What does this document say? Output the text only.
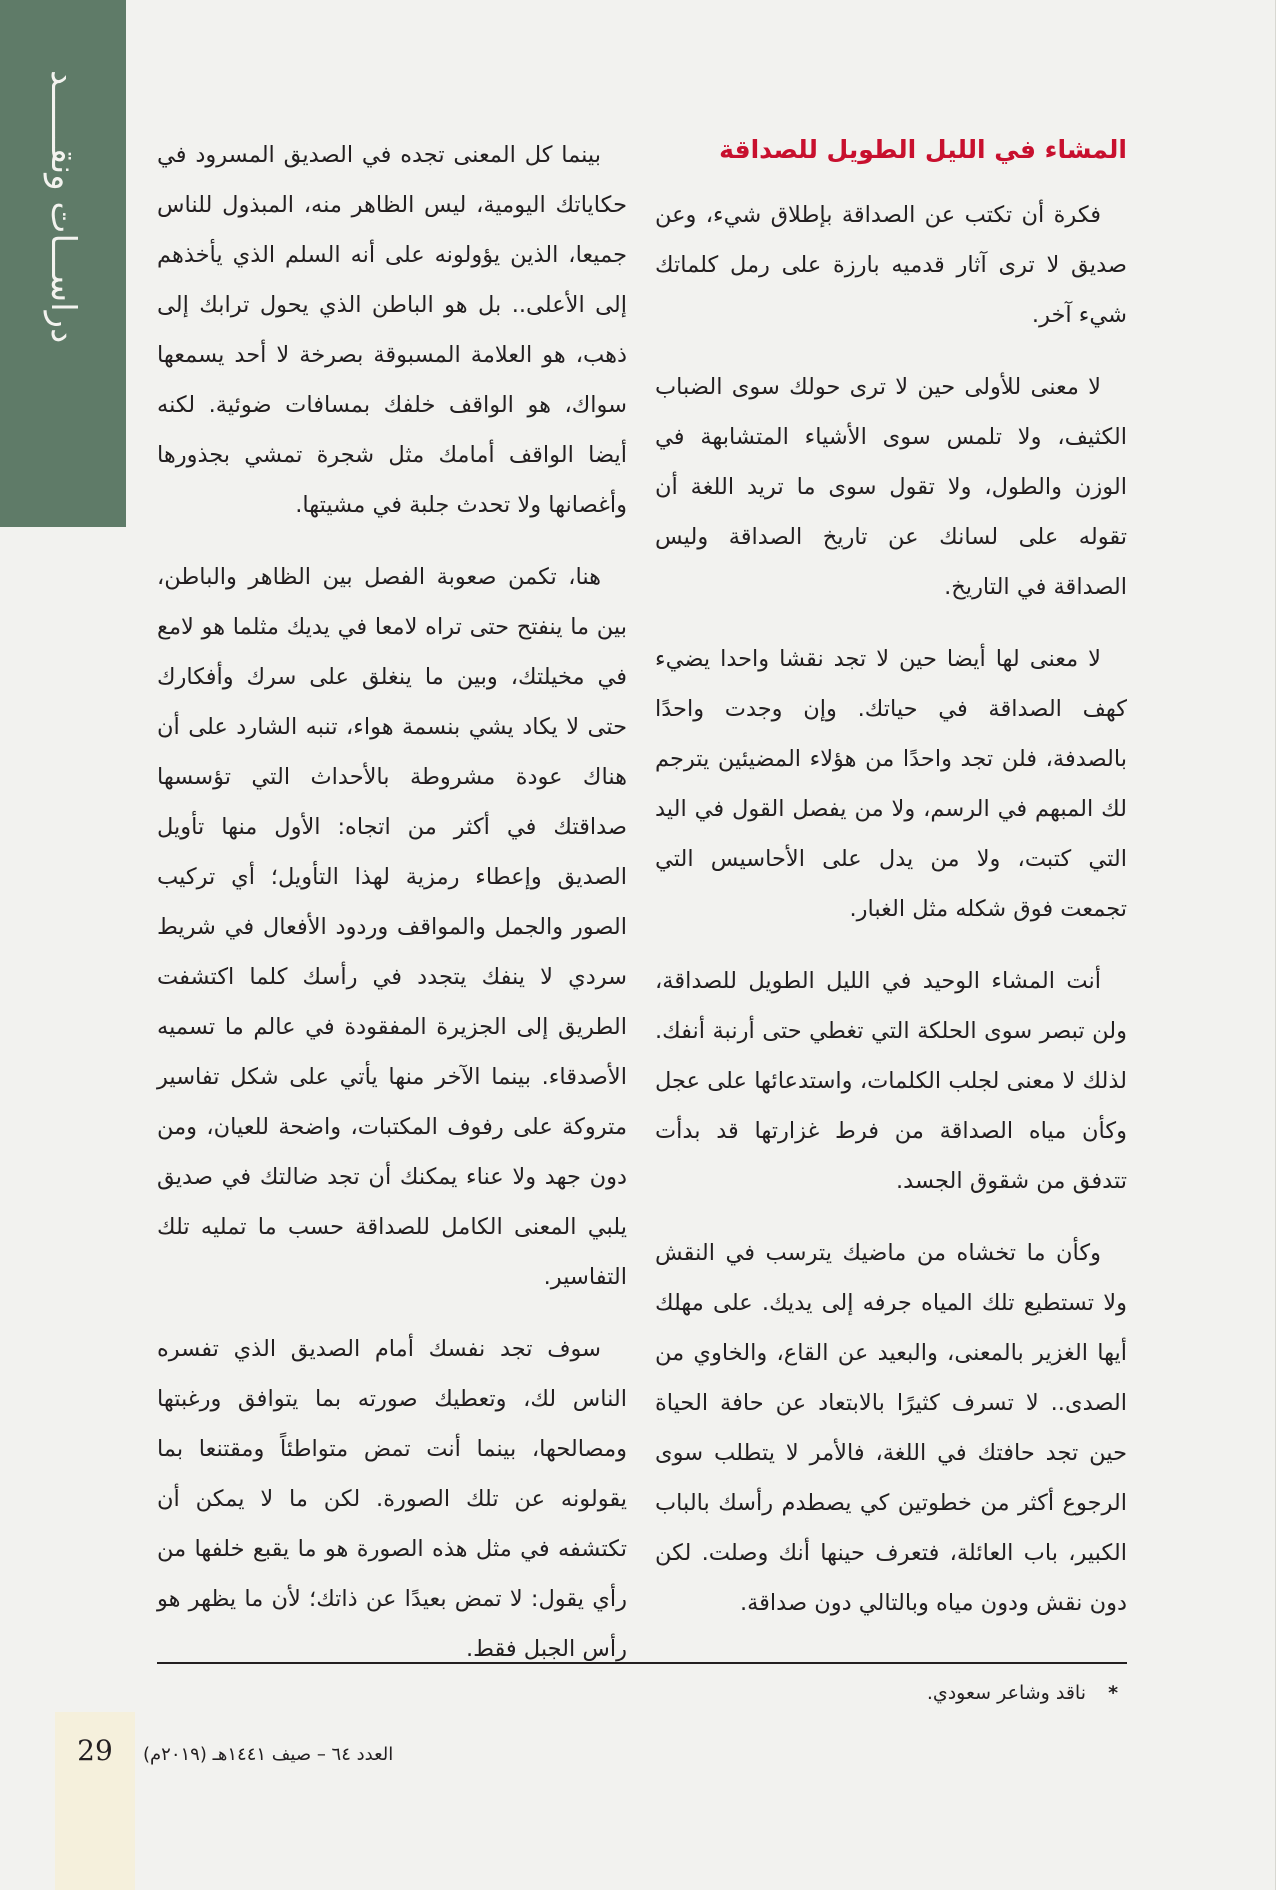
دراســـات ونقــــــد	المشاء في الليل الطويل للصداقة

فكرة أن تكتب عن الصداقة بإطلاق شيء، وعن صديق لا ترى آثار قدميه بارزة على رمل كلماتك شيء آخر.

لا معنى للأولى حين لا ترى حولك سوى الضباب الكثيف، ولا تلمس سوى الأشياء المتشابهة في الوزن والطول، ولا تقول سوى ما تريد اللغة أن تقوله على لسانك عن تاريخ الصداقة وليس الصداقة في التاريخ.

لا معنى لها أيضا حين لا تجد نقشا واحدا يضيء كهف الصداقة في حياتك. وإن وجدت واحدًا بالصدفة، فلن تجد واحدًا من هؤلاء المضيئين يترجم لك المبهم في الرسم، ولا من يفصل القول في اليد التي كتبت، ولا من يدل على الأحاسيس التي تجمعت فوق شكله مثل الغبار.

أنت المشاء الوحيد في الليل الطويل للصداقة، ولن تبصر سوى الحلكة التي تغطي حتى أرنبة أنفك. لذلك لا معنى لجلب الكلمات، واستدعائها على عجل وكأن مياه الصداقة من فرط غزارتها قد بدأت تتدفق من شقوق الجسد.

وكأن ما تخشاه من ماضيك يترسب في النقش ولا تستطيع تلك المياه جرفه إلى يديك. على مهلك أيها الغزير بالمعنى، والبعيد عن القاع، والخاوي من الصدى.. لا تسرف كثيرًا بالابتعاد عن حافة الحياة حين تجد حافتك في اللغة، فالأمر لا يتطلب سوى الرجوع أكثر من خطوتين كي يصطدم رأسك بالباب الكبير، باب العائلة، فتعرف حينها أنك وصلت. لكن دون نقش ودون مياه وبالتالي دون صداقة.

بينما كل المعنى تجده في الصديق المسرود في حكاياتك اليومية، ليس الظاهر منه، المبذول للناس جميعا، الذين يؤولونه على أنه السلم الذي يأخذهم إلى الأعلى.. بل هو الباطن الذي يحول ترابك إلى ذهب، هو العلامة المسبوقة بصرخة لا أحد يسمعها سواك، هو الواقف خلفك بمسافات ضوئية. لكنه أيضا الواقف أمامك مثل شجرة تمشي بجذورها وأغصانها ولا تحدث جلبة في مشيتها.

هنا، تكمن صعوبة الفصل بين الظاهر والباطن، بين ما ينفتح حتى تراه لامعا في يديك مثلما هو لامع في مخيلتك، وبين ما ينغلق على سرك وأفكارك حتى لا يكاد يشي بنسمة هواء، تنبه الشارد على أن هناك عودة مشروطة بالأحداث التي تؤسسها صداقتك في أكثر من اتجاه: الأول منها تأويل الصديق وإعطاء رمزية لهذا التأويل؛ أي تركيب الصور والجمل والمواقف وردود الأفعال في شريط سردي لا ينفك يتجدد في رأسك كلما اكتشفت الطريق إلى الجزيرة المفقودة في عالم ما تسميه الأصدقاء. بينما الآخر منها يأتي على شكل تفاسير متروكة على رفوف المكتبات، واضحة للعيان، ومن دون جهد ولا عناء يمكنك أن تجد ضالتك في صديق يلبي المعنى الكامل للصداقة حسب ما تمليه تلك التفاسير.

سوف تجد نفسك أمام الصديق الذي تفسره الناس لك، وتعطيك صورته بما يتوافق ورغبتها ومصالحها، بينما أنت تمض متواطئاً ومقتنعا بما يقولونه عن تلك الصورة. لكن ما لا يمكن أن تكتشفه في مثل هذه الصورة هو ما يقبع خلفها من رأي يقول: لا تمض بعيدًا عن ذاتك؛ لأن ما يظهر هو رأس الجبل فقط.

* ناقد وشاعر سعودي.
29	العدد ٦٤ – صيف ١٤٤١هـ (٢٠١٩م)
